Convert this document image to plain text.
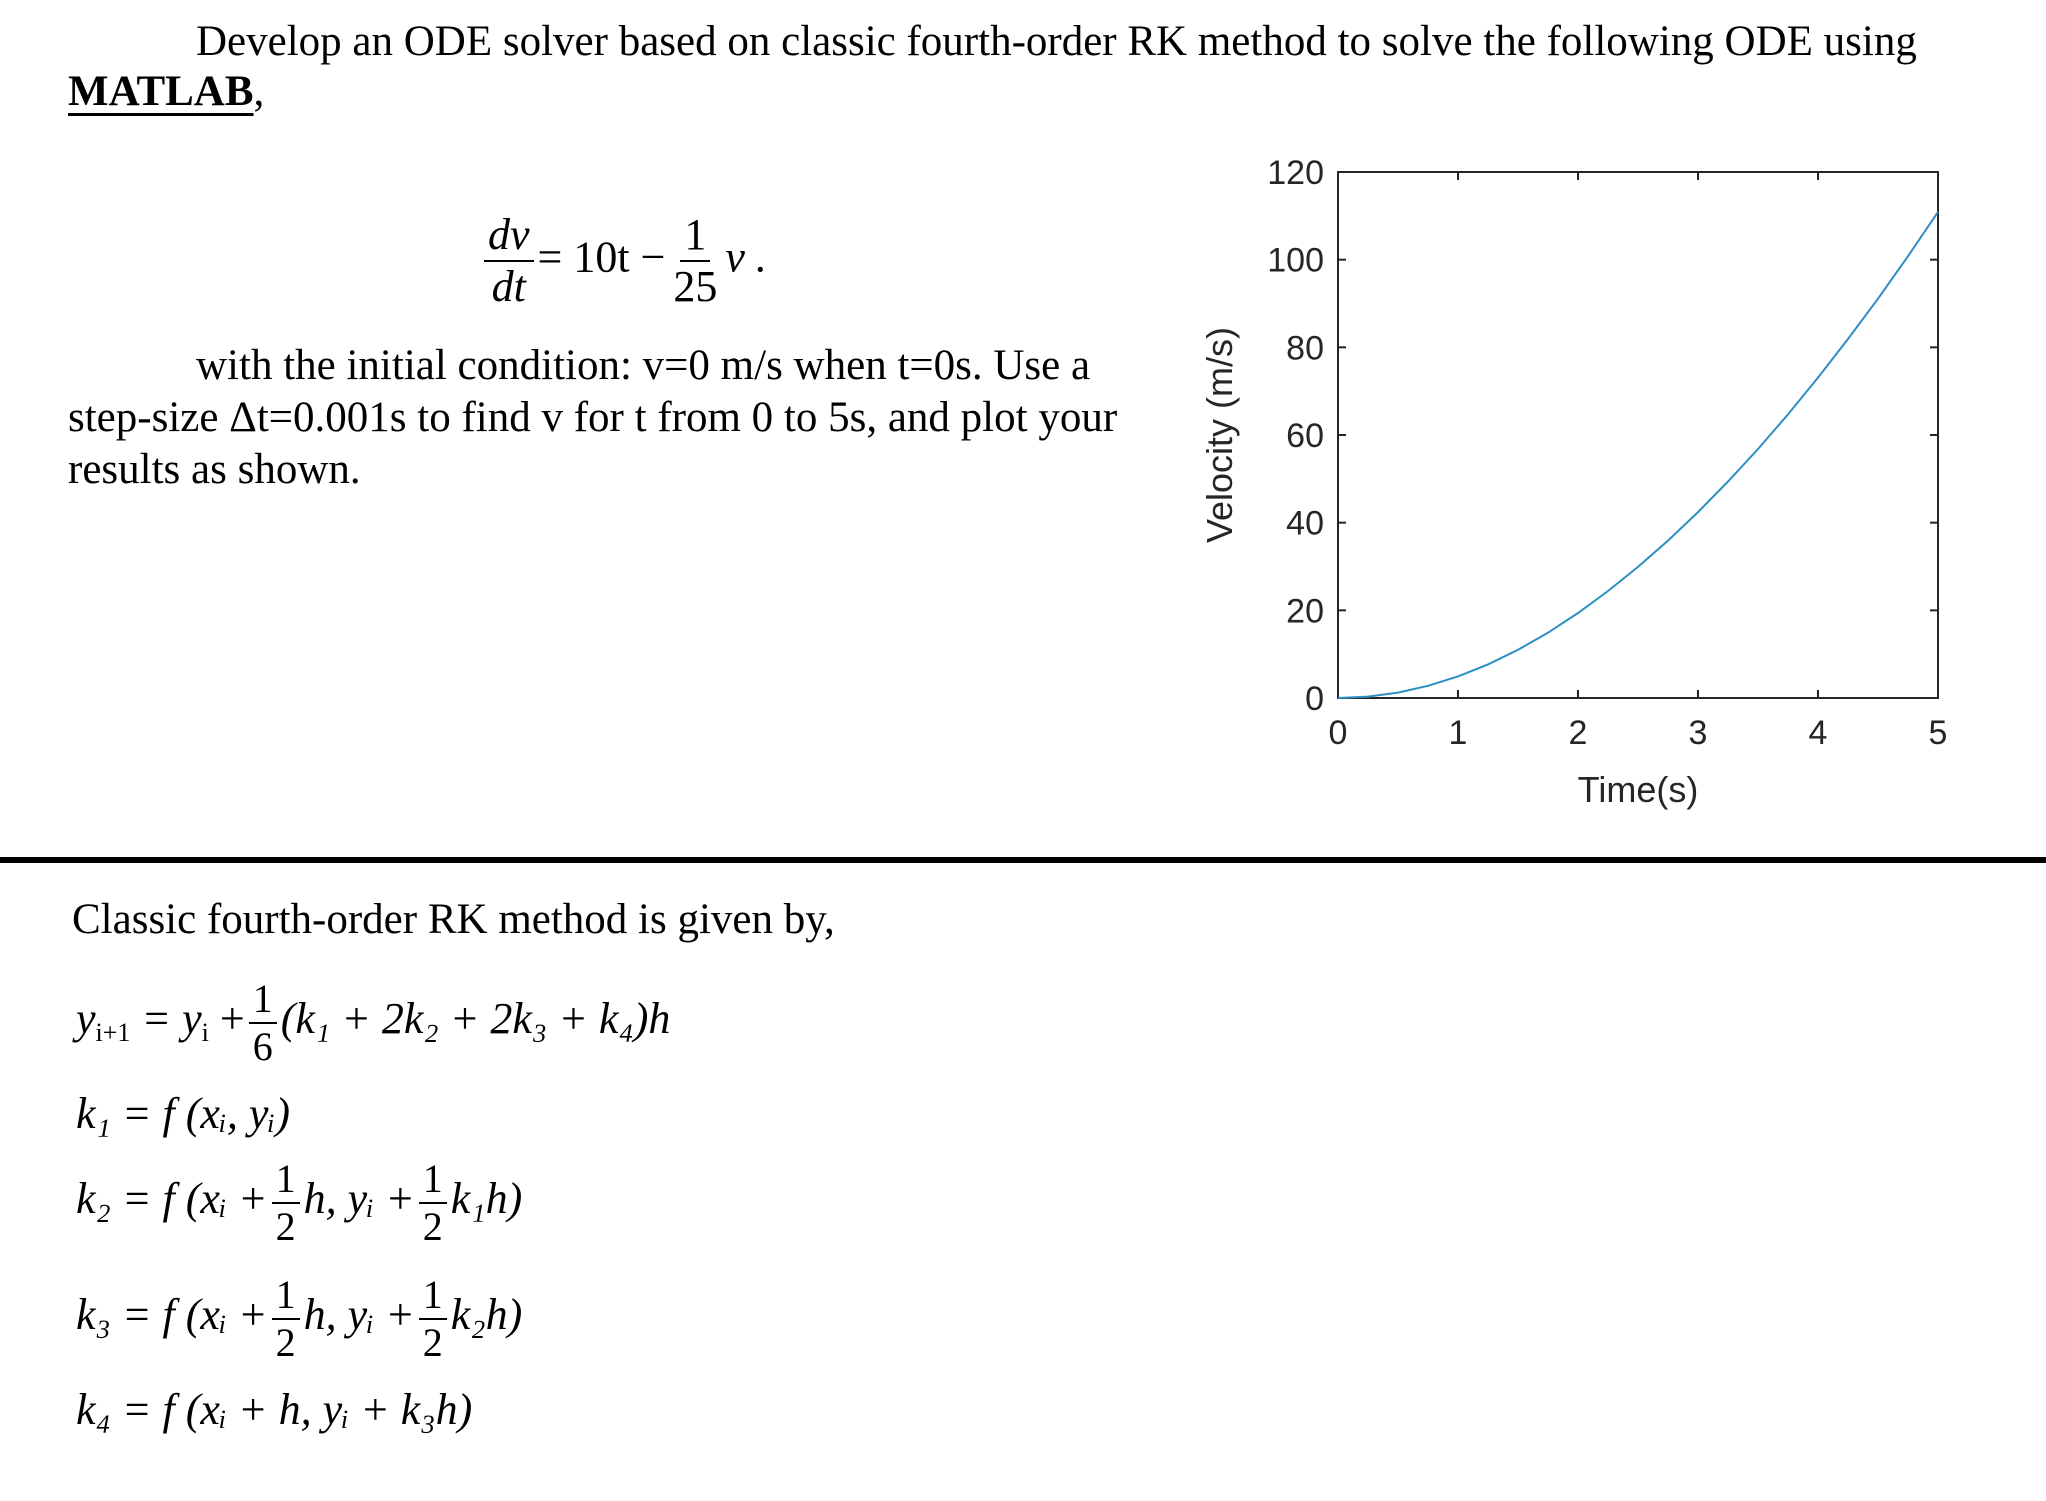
Develop an ODE solver based on classic fourth-order RK method to solve the following ODE using
MATLAB,
$\frac{dv}{dt} = 10t - \frac{1}{25}$ v .
with the initial condition: v=0 m/s when t=0s. Use a
step-size Δt=0.001s to find v for t from 0 to 5s, and plot your
results as shown.
0	1	2	3	4	5
0
20
40
60
80
100
120
Time(s)
Velocity (m/s)
Classic fourth-order RK method is given by,
$y_{i+1} = y_i + \frac{1}{6} (k_1 + 2k_2 + 2k_3 + k_4)h$
k₁ = f (xᵢ, yᵢ)
k₂ = f (xᵢ + $\frac{1}{2} h$, yᵢ + $\frac{1}{2} k_1h$)
k₃ = f (xᵢ + $\frac{1}{2} h$, yᵢ + $\frac{1}{2} k_2h$)
k₄ = f (xᵢ + h, yᵢ + k₃h)
